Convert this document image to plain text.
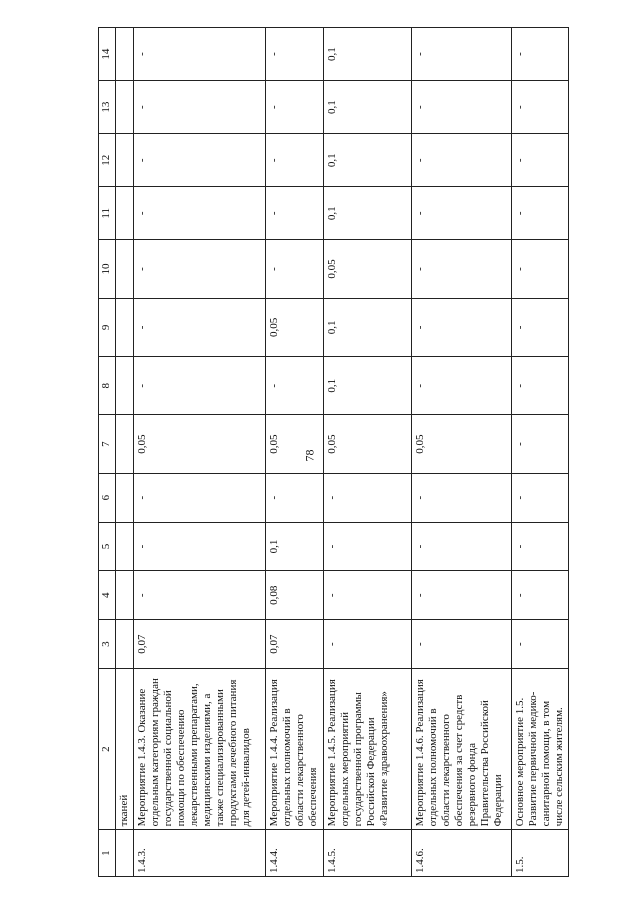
78
1	2	3	4	5	6	7	8	9	10	11	12	13	14
	тканей												
1.4.3.	Мероприятие 1.4.3. Оказание отдельным категориям граждан государственной социальной помощи по обеспечению лекарственными препаратами, медицинскими изделиями, а также специализированными продуктами лечебного питания для детей-инвалидов	0,07	-	-	-	0,05	-	-	-	-	-	-	-
1.4.4.	Мероприятие 1.4.4. Реализация отдельных полномочий в области лекарственного обеспечения	0,07	0,08	0,1	-	0,05	-	0,05	-	-	-	-	-
1.4.5.	Мероприятие 1.4.5. Реализация отдельных мероприятий государственной программы Российской Федерации «Развитие здравоохранения»	-	-	-	-	0,05	0,1	0,1	0,05	0,1	0,1	0,1	0,1
1.4.6.	Мероприятие 1.4.6. Реализация отдельных полномочий в области лекарственного обеспечения за счет средств резервного фонда Правительства Российской Федерации	-	-	-	-	0,05	-	-	-	-	-	-	-
1.5.	Основное мероприятие 1.5. Развитие первичной медико-санитарной помощи, в том числе сельским жителям.	-	-	-	-	-	-	-	-	-	-	-	-
